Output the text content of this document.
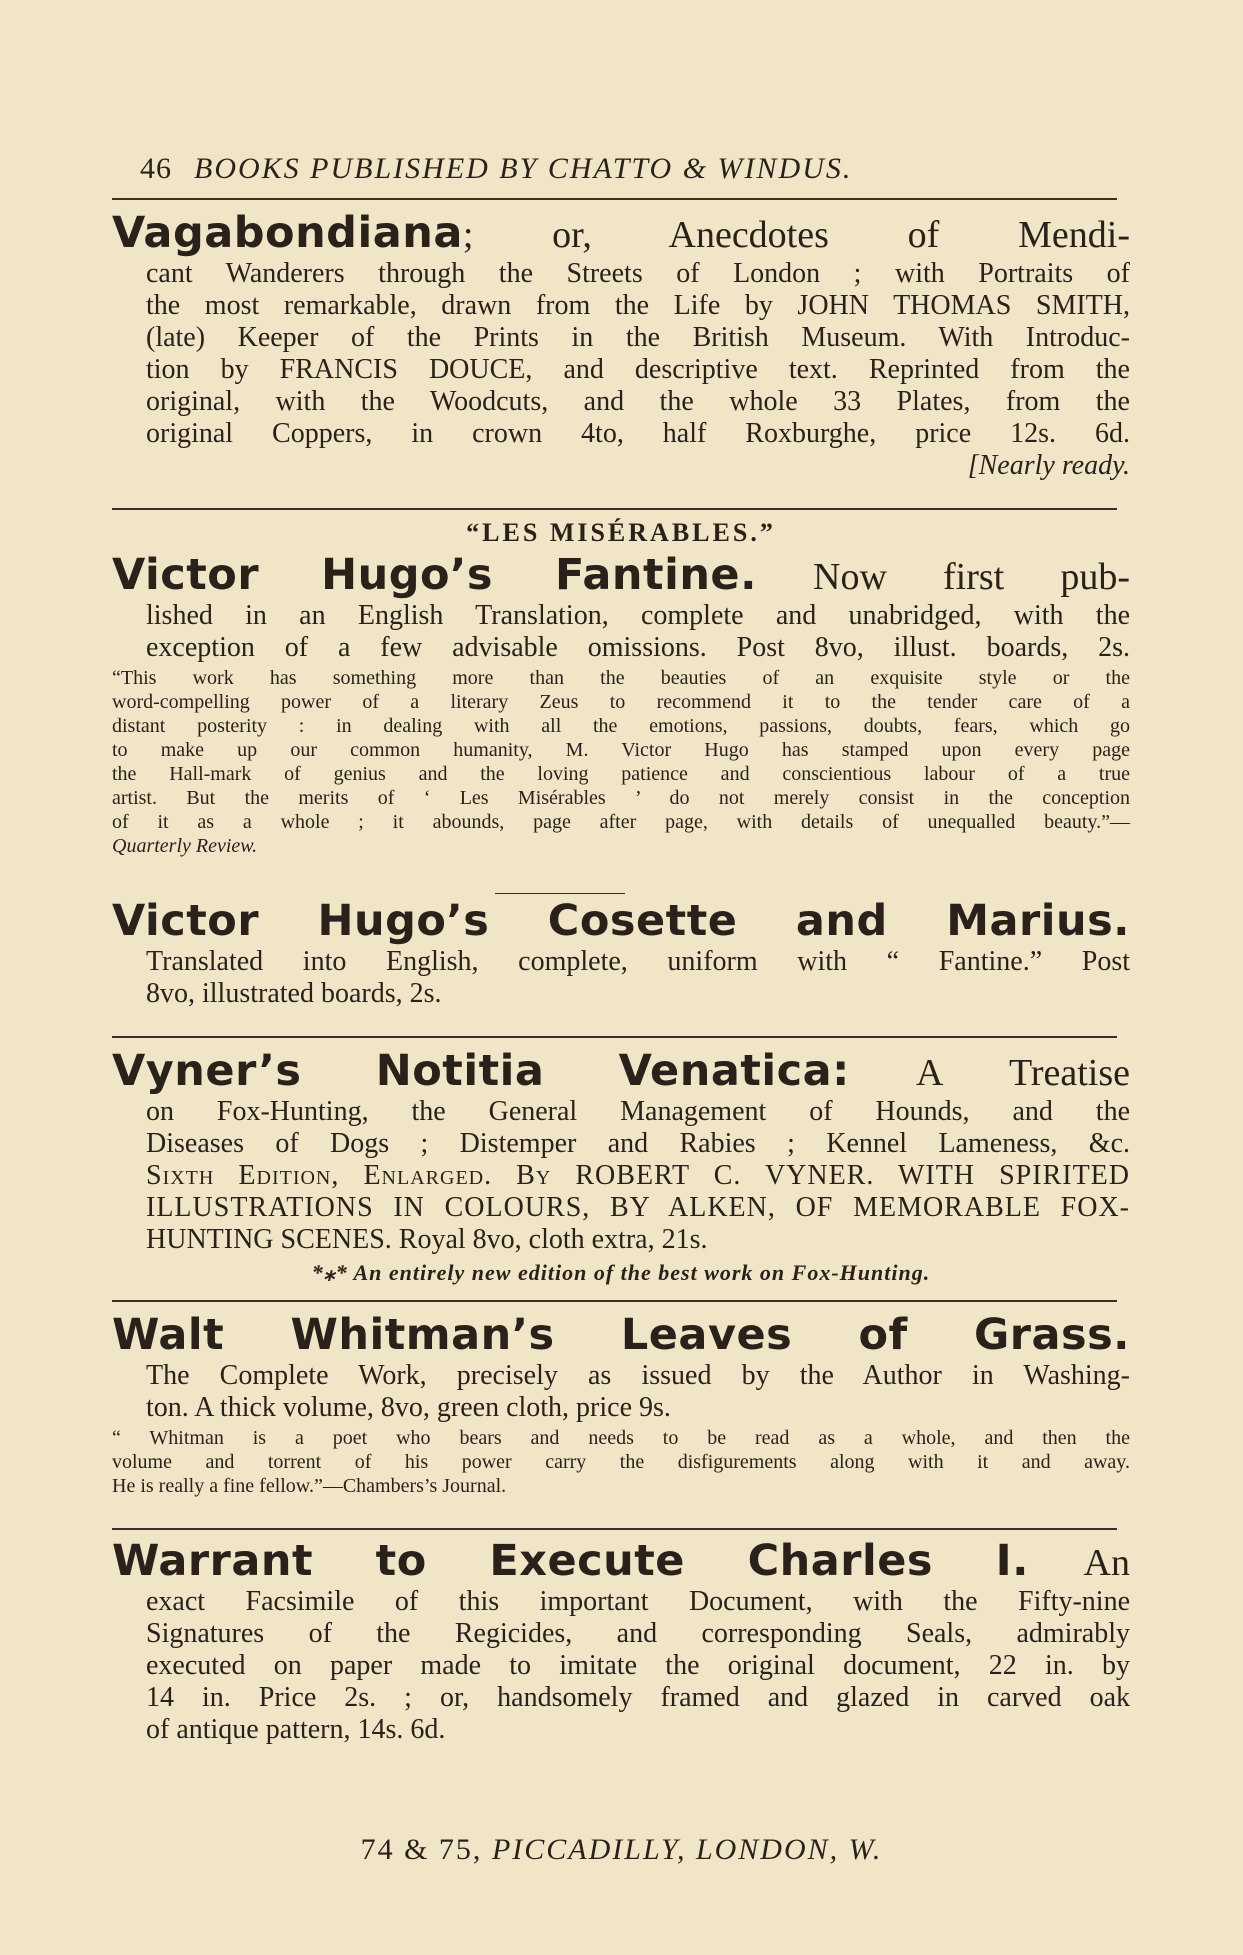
46 BOOKS PUBLISHED BY CHATTO & WINDUS.
Vagabondiana; or, Anecdotes of Mendi-
cant Wanderers through the Streets of London ; with Portraits of
the most remarkable, drawn from the Life by JOHN THOMAS SMITH,
(late) Keeper of the Prints in the British Museum. With Introduc-
tion by FRANCIS DOUCE, and descriptive text. Reprinted from the
original, with the Woodcuts, and the whole 33 Plates, from the
original Coppers, in crown 4to, half Roxburghe, price 12s. 6d.
[Nearly ready.
“LES MISÉRABLES.”
Victor Hugo’s Fantine. Now first pub-
lished in an English Translation, complete and unabridged, with the
exception of a few advisable omissions. Post 8vo, illust. boards, 2s.
“This work has something more than the beauties of an exquisite style or the
word-compelling power of a literary Zeus to recommend it to the tender care of a
distant posterity : in dealing with all the emotions, passions, doubts, fears, which go
to make up our common humanity, M. Victor Hugo has stamped upon every page
the Hall-mark of genius and the loving patience and conscientious labour of a true
artist. But the merits of ‘ Les Misérables ’ do not merely consist in the conception
of it as a whole ; it abounds, page after page, with details of unequalled beauty.”—
Quarterly Review.
Victor Hugo’s Cosette and Marius.
Translated into English, complete, uniform with “ Fantine.” Post
8vo, illustrated boards, 2s.
Vyner’s Notitia Venatica: A Treatise
on Fox-Hunting, the General Management of Hounds, and the
Diseases of Dogs ; Distemper and Rabies ; Kennel Lameness, &c.
Sixth Edition, Enlarged. By ROBERT C. VYNER. WITH SPIRITED
ILLUSTRATIONS IN COLOURS, BY ALKEN, OF MEMORABLE FOX-
HUNTING SCENES. Royal 8vo, cloth extra, 21s.
*⁎* An entirely new edition of the best work on Fox-Hunting.
Walt Whitman’s Leaves of Grass.
The Complete Work, precisely as issued by the Author in Washing-
ton. A thick volume, 8vo, green cloth, price 9s.
“ Whitman is a poet who bears and needs to be read as a whole, and then the
volume and torrent of his power carry the disfigurements along with it and away.
He is really a fine fellow.”—Chambers’s Journal.
Warrant to Execute Charles I. An
exact Facsimile of this important Document, with the Fifty-nine
Signatures of the Regicides, and corresponding Seals, admirably
executed on paper made to imitate the original document, 22 in. by
14 in. Price 2s. ; or, handsomely framed and glazed in carved oak
of antique pattern, 14s. 6d.
74 & 75, PICCADILLY, LONDON, W.
